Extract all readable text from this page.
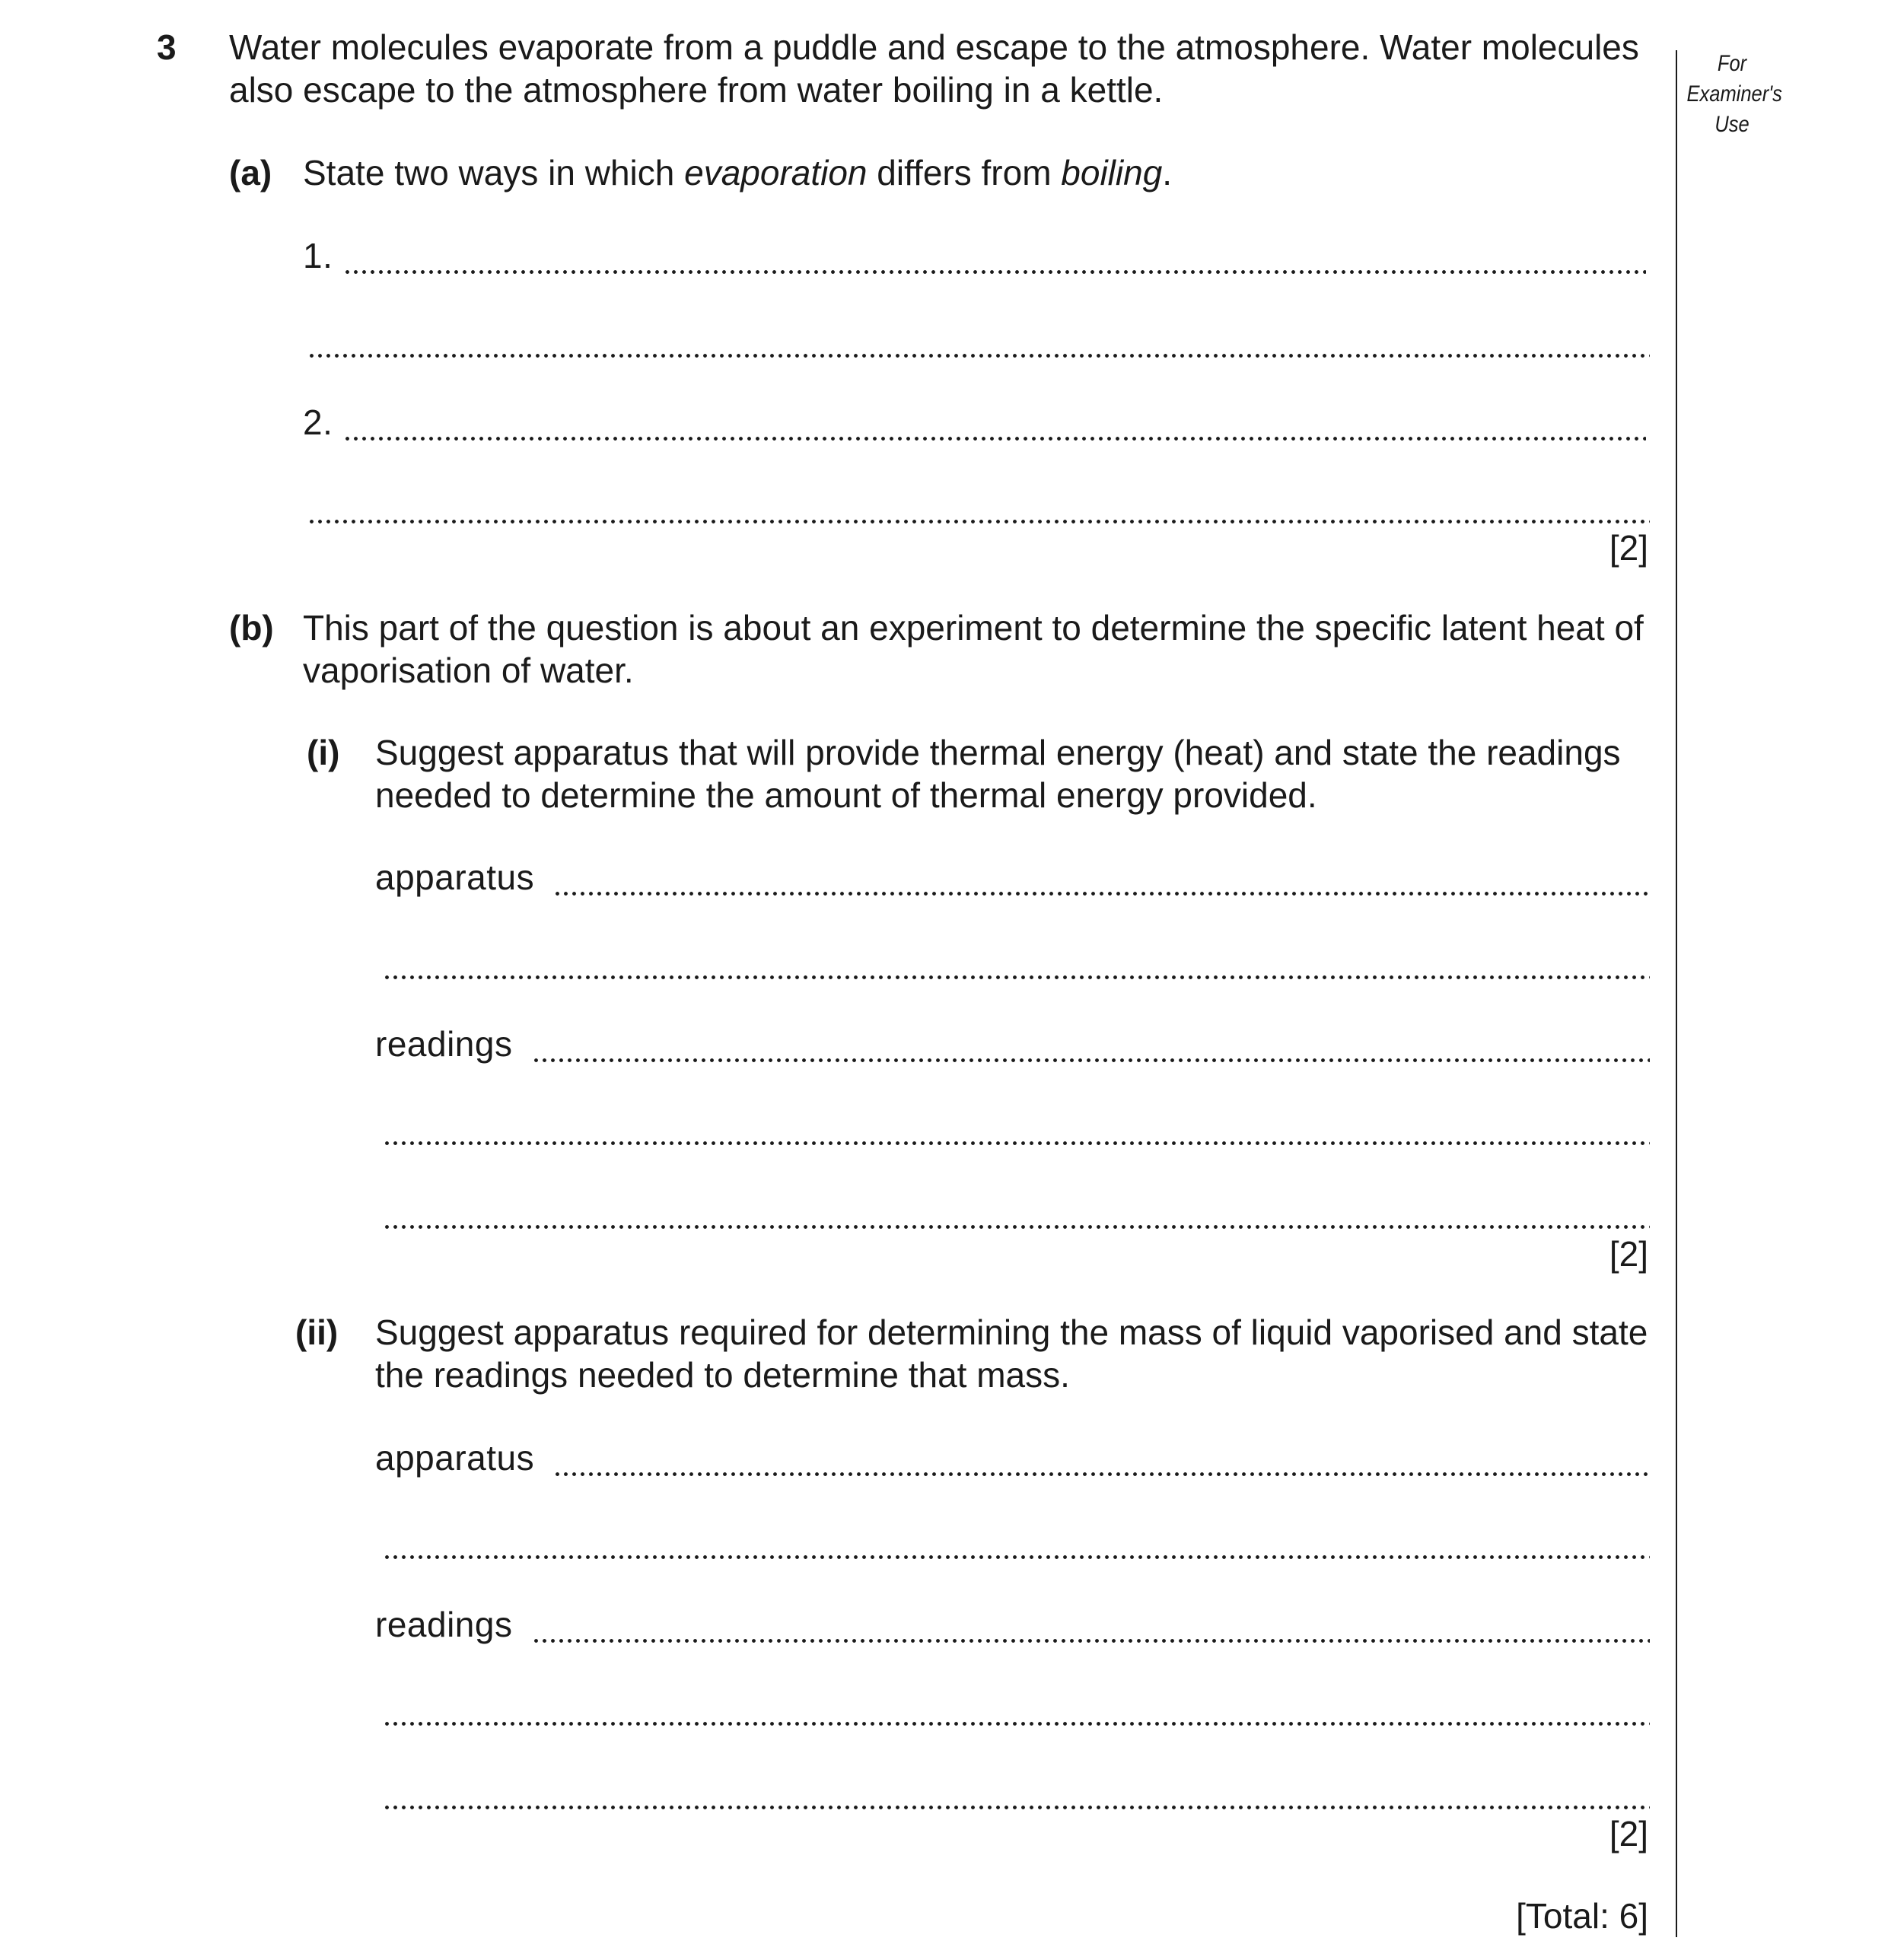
For
Examiner's
Use
3 Water molecules evaporate from a puddle and escape to the atmosphere. Water molecules
also escape to the atmosphere from water boiling in a kettle.
(a) State two ways in which evaporation differs from boiling.
1.
2.
[2]
(b) This part of the question is about an experiment to determine the specific latent heat of
vaporisation of water.
(i) Suggest apparatus that will provide thermal energy (heat) and state the readings
needed to determine the amount of thermal energy provided.
apparatus
readings
[2]
(ii) Suggest apparatus required for determining the mass of liquid vaporised and state
the readings needed to determine that mass.
apparatus
readings
[2]
[Total: 6]
